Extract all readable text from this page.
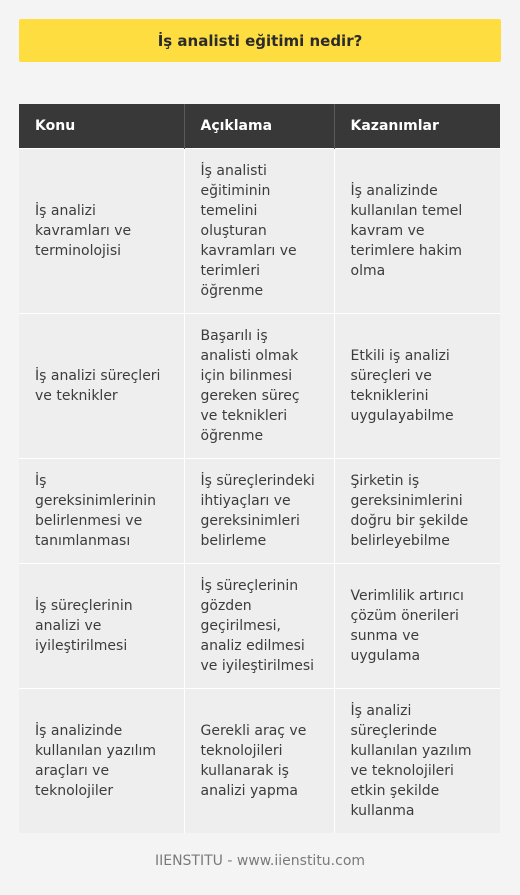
İş analisti eğitimi nedir?
Konu	Açıklama	Kazanımlar
İş analizi kavramları ve terminolojisi	İş analisti eğitiminin temelini oluşturan kavramları ve terimleri öğrenme	İş analizinde kullanılan temel kavram ve terimlere hakim olma
İş analizi süreçleri ve teknikler	Başarılı iş analisti olmak için bilinmesi gereken süreç ve teknikleri öğrenme	Etkili iş analizi süreçleri ve tekniklerini uygulayabilme
İş gereksinimlerinin belirlenmesi ve tanımlanması	İş süreçlerindeki ihtiyaçları ve gereksinimleri belirleme	Şirketin iş gereksinimlerini doğru bir şekilde belirleyebilme
İş süreçlerinin analizi ve iyileştirilmesi	İş süreçlerinin gözden geçirilmesi, analiz edilmesi ve iyileştirilmesi	Verimlilik artırıcı çözüm önerileri sunma ve uygulama
İş analizinde kullanılan yazılım araçları ve teknolojiler	Gerekli araç ve teknolojileri kullanarak iş analizi yapma	İş analizi süreçlerinde kullanılan yazılım ve teknolojileri etkin şekilde kullanma
IIENSTITU - www.iienstitu.com
